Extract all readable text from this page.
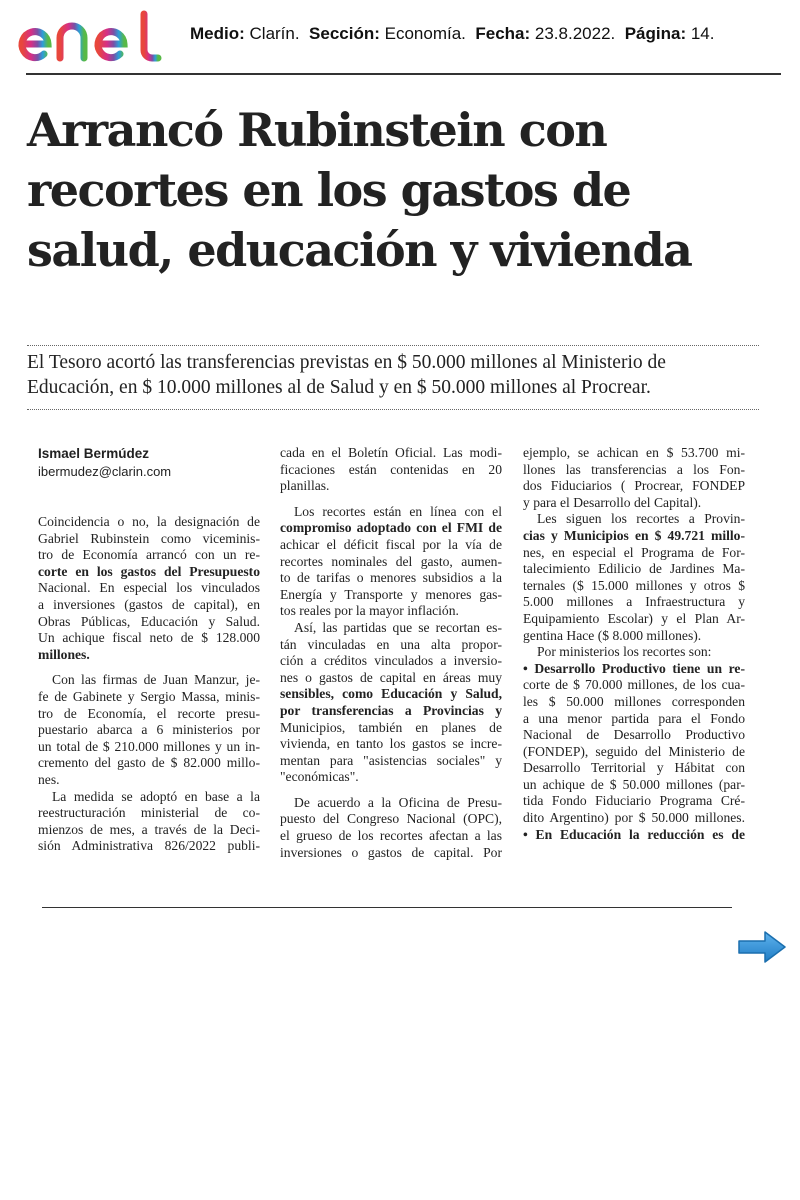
Medio: Clarín. Sección: Economía. Fecha: 23.8.2022. Página: 14.
Arrancó Rubinstein con
recortes en los gastos de
salud, educación y vivienda
El Tesoro acortó las transferencias previstas en $ 50.000 millones al Ministerio de
Educación, en $ 10.000 millones al de Salud y en $ 50.000 millones al Procrear.
Ismael Bermúdez
ibermudez@clarin.com
Coincidencia o no, la designación de
Gabriel Rubinstein como viceminis-
tro de Economía arrancó con un re-
corte en los gastos del Presupuesto
Nacional. En especial los vinculados
a inversiones (gastos de capital), en
Obras Públicas, Educación y Salud.
Un achique fiscal neto de $ 128.000
millones.
Con las firmas de Juan Manzur, je-
fe de Gabinete y Sergio Massa, minis-
tro de Economía, el recorte presu-
puestario abarca a 6 ministerios por
un total de $ 210.000 millones y un in-
cremento del gasto de $ 82.000 millo-
nes.
La medida se adoptó en base a la
reestructuración ministerial de co-
mienzos de mes, a través de la Deci-
sión Administrativa 826/2022 publi-
cada en el Boletín Oficial. Las modi-
ficaciones están contenidas en 20
planillas.
Los recortes están en línea con el
compromiso adoptado con el FMI de
achicar el déficit fiscal por la vía de
recortes nominales del gasto, aumen-
to de tarifas o menores subsidios a la
Energía y Transporte y menores gas-
tos reales por la mayor inflación.
Así, las partidas que se recortan es-
tán vinculadas en una alta propor-
ción a créditos vinculados a inversio-
nes o gastos de capital en áreas muy
sensibles, como Educación y Salud,
por transferencias a Provincias y
Municipios, también en planes de
vivienda, en tanto los gastos se incre-
mentan para "asistencias sociales" y
"económicas".
De acuerdo a la Oficina de Presu-
puesto del Congreso Nacional (OPC),
el grueso de los recortes afectan a las
inversiones o gastos de capital. Por
ejemplo, se achican en $ 53.700 mi-
llones las transferencias a los Fon-
dos Fiduciarios ( Procrear, FONDEP
y para el Desarrollo del Capital).
Les siguen los recortes a Provin-
cias y Municipios en $ 49.721 millo-
nes, en especial el Programa de For-
talecimiento Edilicio de Jardines Ma-
ternales ($ 15.000 millones y otros $
5.000 millones a Infraestructura y
Equipamiento Escolar) y el Plan Ar-
gentina Hace ($ 8.000 millones).
Por ministerios los recortes son:
• Desarrollo Productivo tiene un re-
corte de $ 70.000 millones, de los cua-
les $ 50.000 millones corresponden
a una menor partida para el Fondo
Nacional de Desarrollo Productivo
(FONDEP), seguido del Ministerio de
Desarrollo Territorial y Hábitat con
un achique de $ 50.000 millones (par-
tida Fondo Fiduciario Programa Cré-
dito Argentino) por $ 50.000 millones.
• En Educación la reducción es de
